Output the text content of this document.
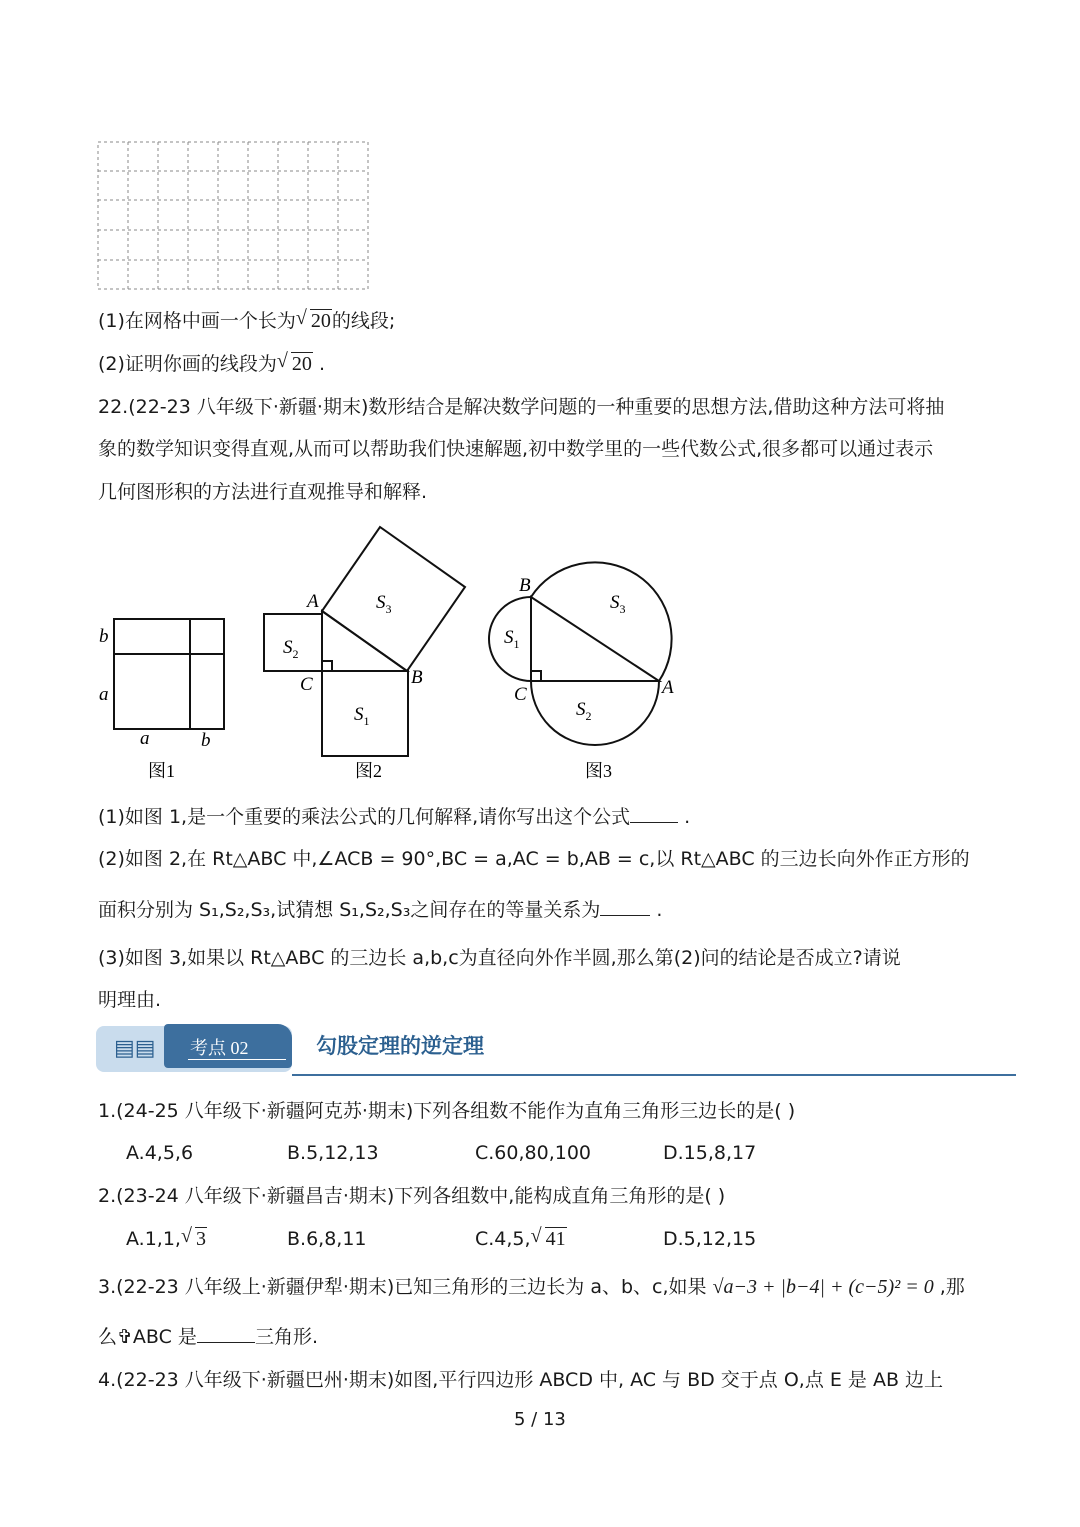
(1)在网格中画一个长为 √ 20的线段;
(2)证明你画的线段为 √ 20 .
22.(22-23 八年级下·新疆·期末)数形结合是解决数学问题的一种重要的思想方法,借助这种方法可将抽
象的数学知识变得直观,从而可以帮助我们快速解题,初中数学里的一些代数公式,很多都可以通过表示
几何图形积的方法进行直观推导和解释.
b
a
a	b
图1
A
B
C
$S_2$
$S_1$
$S_3$
图2
B
C	A
$S_1$
$S_2$
$S_3$
图3
(1)如图 1,是一个重要的乘法公式的几何解释,请你写出这个公式	.
(2)如图 2,在 Rt△ABC 中,∠ACB = 90°,BC = a,AC = b,AB = c,以 Rt△ABC 的三边长向外作正方形的
面积分别为 S₁,S₂,S₃,试猜想 S₁,S₂,S₃之间存在的等量关系为	.
(3)如图 3,如果以 Rt△ABC 的三边长 a,b,c为直径向外作半圆,那么第(2)问的结论是否成立?请说
明理由.
▤▤ 考点 02	勾股定理的逆定理
1.(24-25 八年级下·新疆阿克苏·期末)下列各组数不能作为直角三角形三边长的是( )
A.4,5,6	B.5,12,13	C.60,80,100	D.15,8,17
2.(23-24 八年级下·新疆昌吉·期末)下列各组数中,能构成直角三角形的是( )
A.1,1, √ 3	B.6,8,11	C.4,5, √ 41	D.5,12,15
3.(22-23 八年级上·新疆伊犁·期末)已知三角形的三边长为 a、b、c,如果 √a−3 + |b−4| + (c−5)² = 0 ,那
么✞ABC 是	三角形.
4.(22-23 八年级下·新疆巴州·期末)如图,平行四边形 ABCD 中, AC 与 BD 交于点 O,点 E 是 AB 边上
5 / 13
